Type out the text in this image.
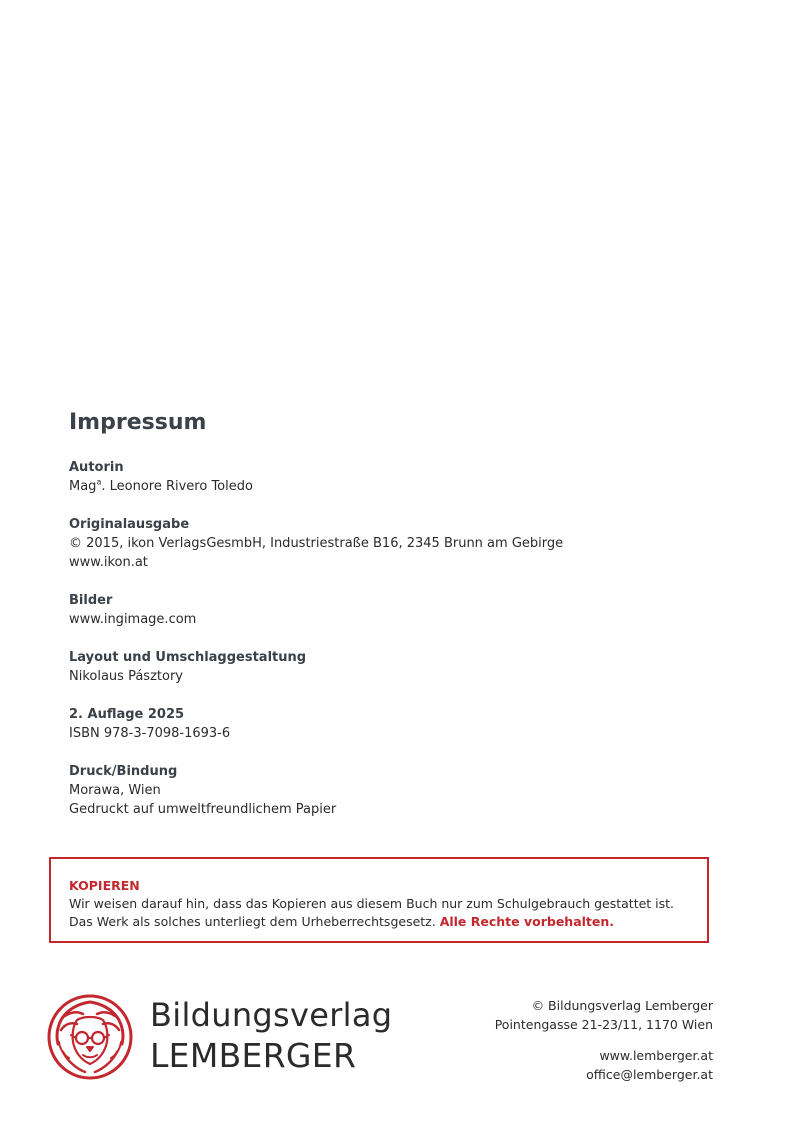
Impressum
Autorin
Mag$^a$. Leonore Rivero Toledo
Originalausgabe
© 2015, ikon VerlagsGesmbH, Industriestraße B16, 2345 Brunn am Gebirge
www.ikon.at
Bilder
www.ingimage.com
Layout und Umschlaggestaltung
Nikolaus Pásztory
2. Auflage 2025
ISBN 978-3-7098-1693-6
Druck/Bindung
Morawa, Wien
Gedruckt auf umweltfreundlichem Papier
KOPIEREN
Wir weisen darauf hin, dass das Kopieren aus diesem Buch nur zum Schulgebrauch gestattet ist.
Das Werk als solches unterliegt dem Urheberrechtsgesetz. Alle Rechte vorbehalten.
Bildungsverlag
LEMBERGER
© Bildungsverlag Lemberger
Pointengasse 21-23/11, 1170 Wien
www.lemberger.at
office@lemberger.at
